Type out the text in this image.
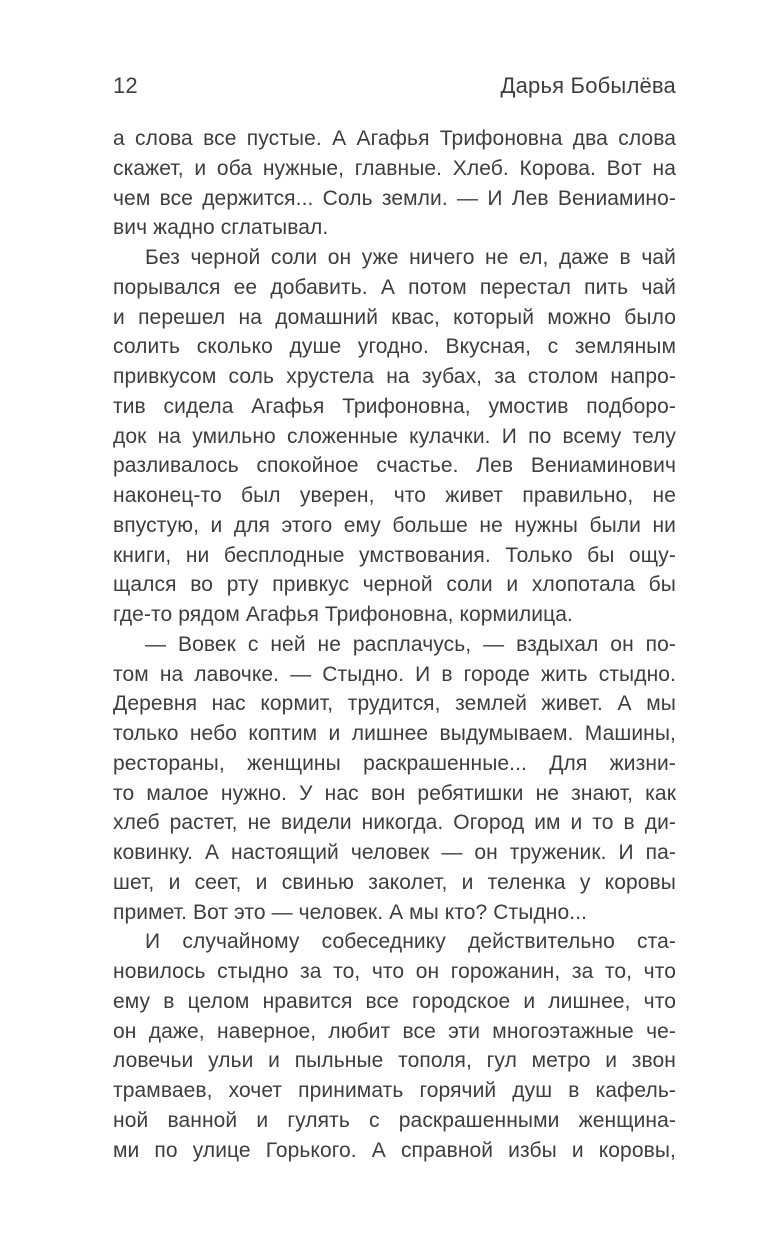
12	Дарья Бобылёва

а слова все пустые. А Агафья Трифоновна два слова
скажет, и оба нужные, главные. Хлеб. Корова. Вот на
чем все держится... Соль земли. — И Лев Вениамино-
вич жадно сглатывал.

Без черной соли он уже ничего не ел, даже в чай
порывался ее добавить. А потом перестал пить чай
и перешел на домашний квас, который можно было
солить сколько душе угодно. Вкусная, с земляным
привкусом соль хрустела на зубах, за столом напро-
тив сидела Агафья Трифоновна, умостив подборо-
док на умильно сложенные кулачки. И по всему телу
разливалось спокойное счастье. Лев Вениаминович
наконец-то был уверен, что живет правильно, не
впустую, и для этого ему больше не нужны были ни
книги, ни бесплодные умствования. Только бы ощу-
щался во рту привкус черной соли и хлопотала бы
где-то рядом Агафья Трифоновна, кормилица.

— Вовек с ней не расплачусь, — вздыхал он по-
том на лавочке. — Стыдно. И в городе жить стыдно.
Деревня нас кормит, трудится, землей живет. А мы
только небо коптим и лишнее выдумываем. Машины,
рестораны, женщины раскрашенные... Для жизни-
то малое нужно. У нас вон ребятишки не знают, как
хлеб растет, не видели никогда. Огород им и то в ди-
ковинку. А настоящий человек — он труженик. И па-
шет, и сеет, и свинью заколет, и теленка у коровы
примет. Вот это — человек. А мы кто? Стыдно...

И случайному собеседнику действительно ста-
новилось стыдно за то, что он горожанин, за то, что
ему в целом нравится все городское и лишнее, что
он даже, наверное, любит все эти многоэтажные че-
ловечьи ульи и пыльные тополя, гул метро и звон
трамваев, хочет принимать горячий душ в кафель-
ной ванной и гулять с раскрашенными женщина-
ми по улице Горького. А справной избы и коровы,
